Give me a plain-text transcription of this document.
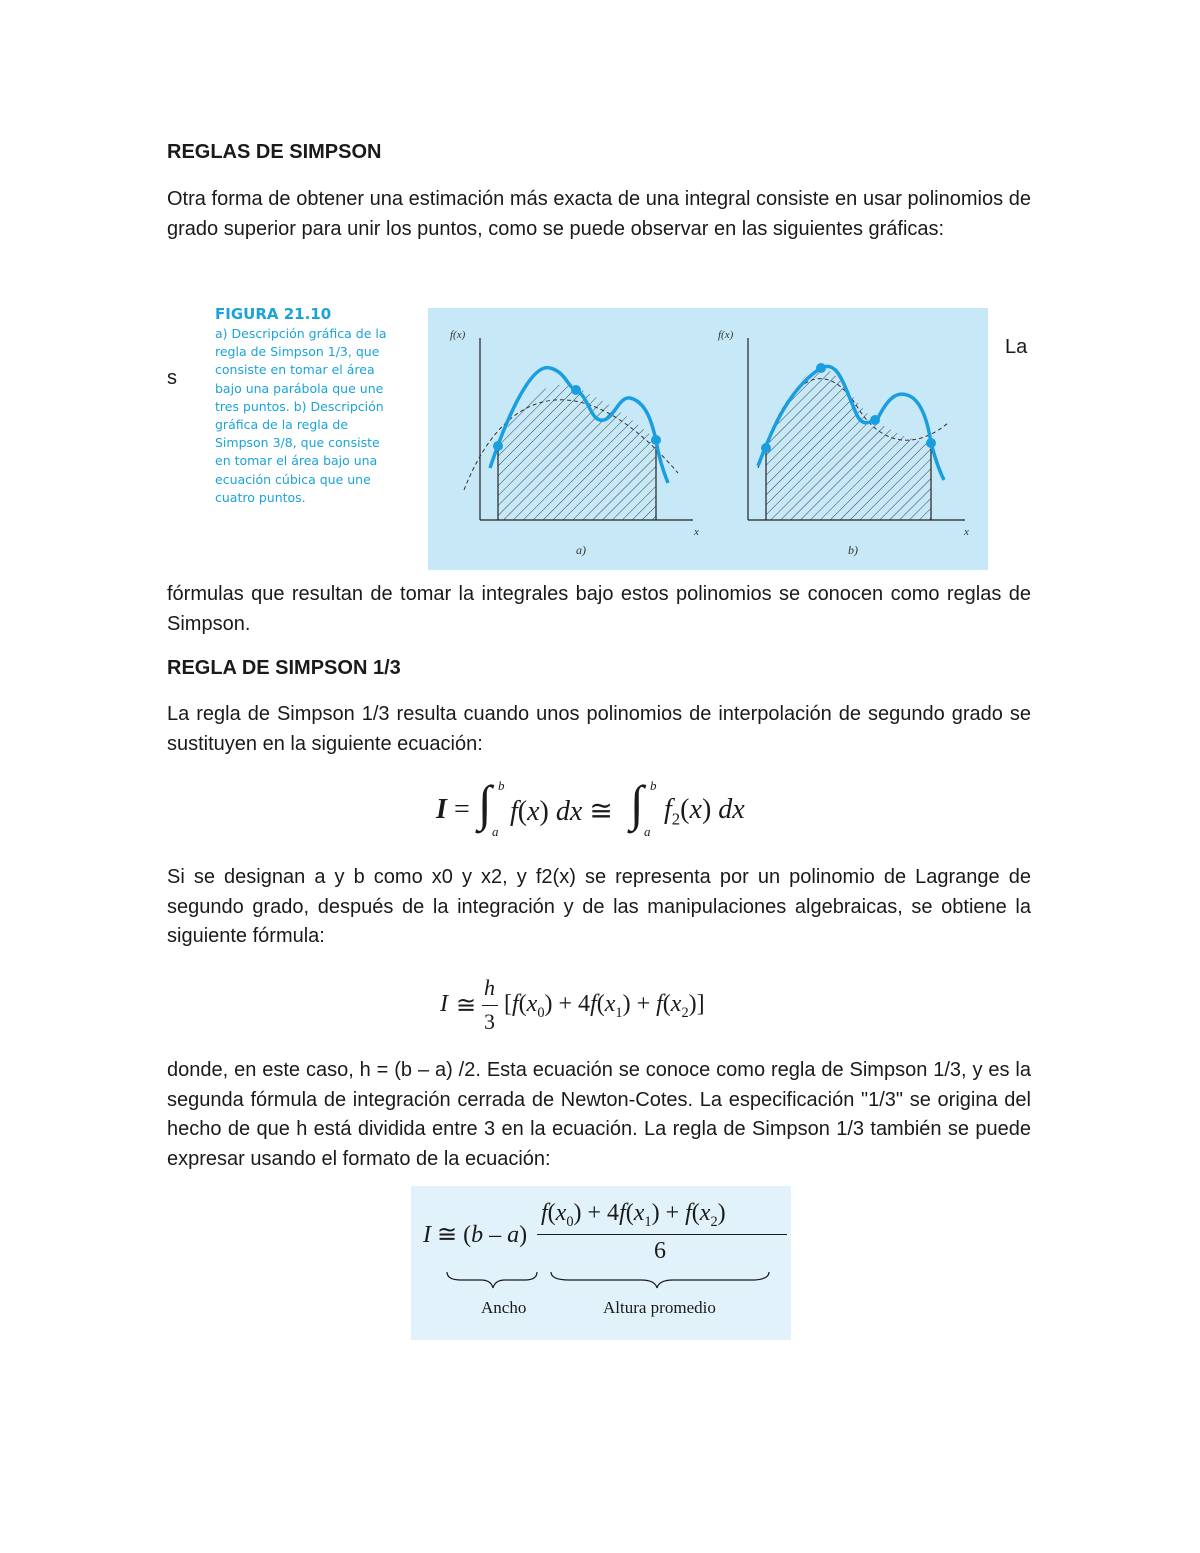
REGLAS DE SIMPSON

Otra forma de obtener una estimación más exacta de una integral consiste en usar polinomios de grado superior para unir los puntos, como se puede observar en las siguientes gráficas:

FIGURA 21.10
a) Descripción gráfica de la
regla de Simpson 1/3, que
consiste en tomar el área
bajo una parábola que une
tres puntos. b) Descripción
gráfica de la regla de
Simpson 3/8, que consiste
en tomar el área bajo una
ecuación cúbica que une
cuatro puntos.
La
s
f(x)
x
a)
f(x)
x
b)

fórmulas que resultan de tomar la integrales bajo estos polinomios se conocen como reglas de Simpson.

REGLA DE SIMPSON 1/3

La regla de Simpson 1/3 resulta cuando unos polinomios de interpolación de segundo grado se sustituyen en la siguiente ecuación:

I = ∫ b
a
f(x) dx ≅ ∫ b
a
$f_2(x)$ dx

Si se designan a y b como x0 y x2, y f2(x) se representa por un polinomio de Lagrange de segundo grado, después de la integración y de las manipulaciones algebraicas, se obtiene la siguiente fórmula:

I ≅
h
3
$[f(x_0) + 4f(x_1) + f(x_2)]$

donde, en este caso, h = (b – a) /2. Esta ecuación se conoce como regla de Simpson 1/3, y es la segunda fórmula de integración cerrada de Newton-Cotes. La especificación "1/3" se origina del hecho de que h está dividida entre 3 en la ecuación. La regla de Simpson 1/3 también se puede expresar usando el formato de la ecuación:

I ≅ (b – a)
$f(x_0) + 4f(x_1) + f(x_2)$
6
Ancho	Altura promedio
